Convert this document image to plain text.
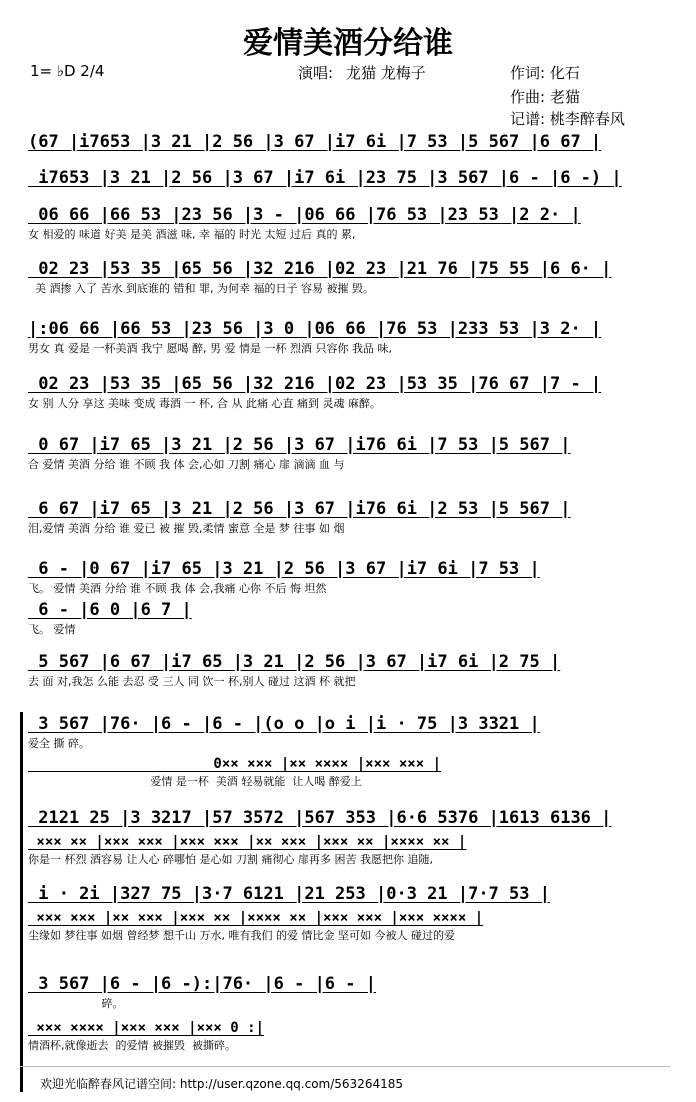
爱情美酒分给谁
1= ♭D 2/4	演唱: 龙猫 龙梅子	作词: 化石
作曲: 老猫
记谱: 桃李醉春风
(67 |i7653 |3 21 |2 56 |3 67 |i7 6i |7 53 |5 567 |6 67 |
i7653 |3 21 |2 56 |3 67 |i7 6i |23 75 |3 567 |6 - |6 -) |
06 66 |66 53 |23 56 |3 - |06 66 |76 53 |23 53 |2 2· |
女 相爱的 味道 好美 是美 酒滋 味, 幸 福的 时光 太短 过后 真的 累,
02 23 |53 35 |65 56 |32 216 |02 23 |21 76 |75 55 |6 6· |
美 酒掺 入了 苦水 到底谁的 错和 罪, 为何幸 福的日子 容易 被摧 毁。
|:06 66 |66 53 |23 56 |3 0 |06 66 |76 53 |233 53 |3 2· |
男女 真 爱是 一杯美酒 我宁 愿喝 醉, 男 爱 情是 一杯 烈酒 只容你 我品 味,
02 23 |53 35 |65 56 |32 216 |02 23 |53 35 |76 67 |7 - |
女 别 人分 享这 美味 变成 毒酒 一 杯, 合 从 此痛 心直 痛到 灵魂 麻醉。
0 67 |i7 65 |3 21 |2 56 |3 67 |i76 6i |7 53 |5 567 |
合 爱情 美酒 分给 谁 不顾 我 体 会,心如 刀割 痛心 扉 滴滴 血 与
6 67 |i7 65 |3 21 |2 56 |3 67 |i76 6i |2 53 |5 567 |
泪,爱情 美酒 分给 谁 爱已 被 摧 毁,柔情 蜜意 全是 梦 往事 如 烟
6 - |0 67 |i7 65 |3 21 |2 56 |3 67 |i7 6i |7 53 |
飞。 爱情 美酒 分给 谁 不顾 我 体 会,我痛 心你 不后 悔 坦然
6 - |6 0 |6 7 |
飞。 爱情
5 567 |6 67 |i7 65 |3 21 |2 56 |3 67 |i7 6i |2 75 |
去 面 对,我怎 么能 去忍 受 三人 同 饮一 杯,别人 碰过 这酒 杯 就把
3 567 |76· |6 - |6 - |(o o |o i |i · 75 |3 3321 |
爱全 撕 碎。
0×× ××× |×× ×××× |××× ××× |
爱情 是一杯  美酒 轻易就能  让人喝 醉爱上
2121 25 |3 3217 |57 3572 |567 353 |6·6 5376 |1613 6136 |
××× ×× |××× ××× |××× ××× |×× ××× |××× ×× |×××× ×× |
你是一 杯烈 酒容易 让人心 碎哪怕 是心如 刀割 痛彻心 扉再多 困苦 我愿把你 追随,
i · 2i |327 75 |3·7 6121 |21 253 |0·3 21 |7·7 53 |
××× ××× |×× ××× |××× ×× |×××× ×× |××× ××× |××× ×××× |
尘缘如 梦往事 如烟 曾经梦 想千山 万水, 唯有我们 的爱 情比金 坚可如 今被人 碰过的爱
3 567 |6 - |6 -):|76· |6 - |6 - |
碎。
××× ×××× |××× ××× |××× 0 :|
情酒杯,就像逝去  的爱情 被摧毁  被撕碎。
欢迎光临醉春风记谱空间: http://user.qzone.qq.com/563264185
